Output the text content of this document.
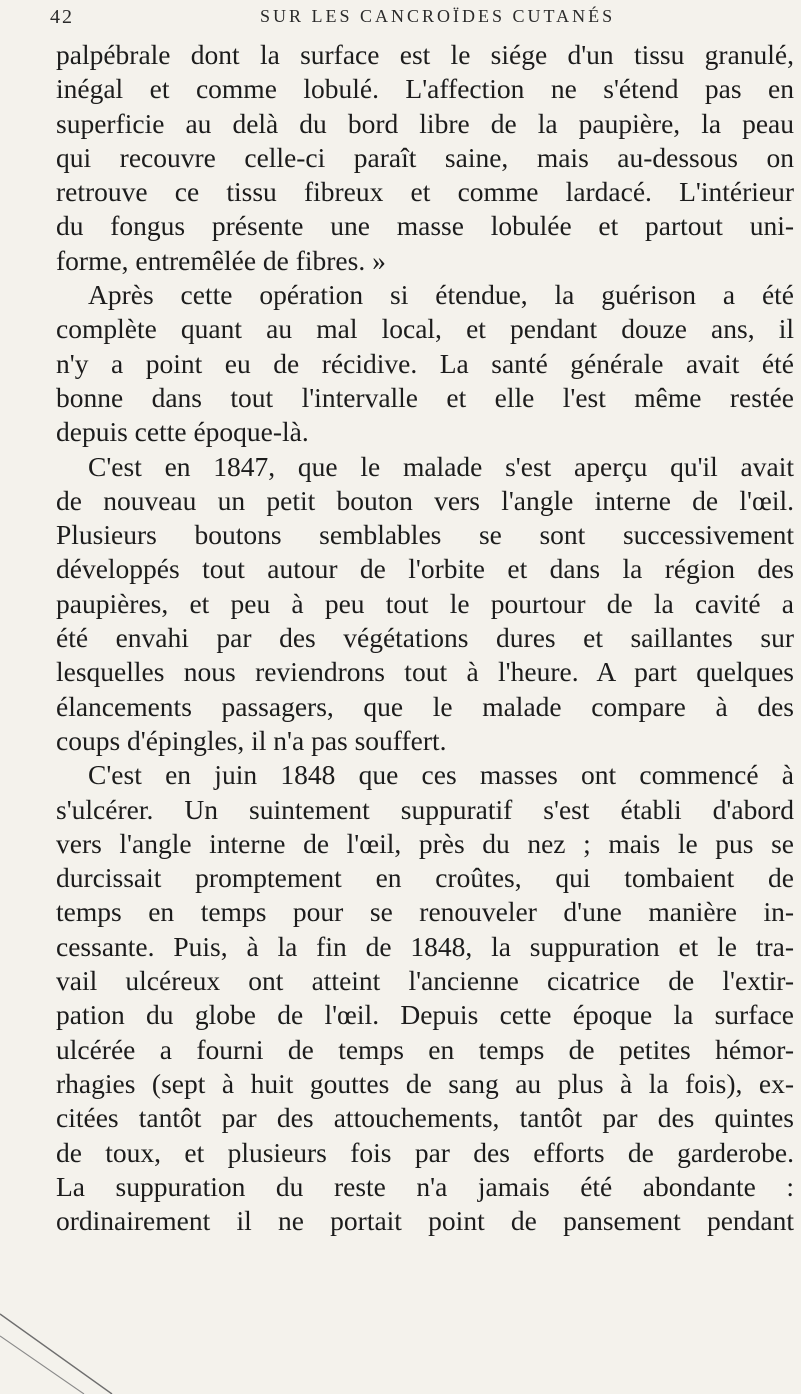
42	SUR LES CANCROÏDES CUTANÉS
palpébrale dont la surface est le siége d'un tissu granulé,
inégal et comme lobulé. L'affection ne s'étend pas en
superficie au delà du bord libre de la paupière, la peau
qui recouvre celle-ci paraît saine, mais au-dessous on
retrouve ce tissu fibreux et comme lardacé. L'intérieur
du fongus présente une masse lobulée et partout uni-
forme, entremêlée de fibres. »
Après cette opération si étendue, la guérison a été
complète quant au mal local, et pendant douze ans, il
n'y a point eu de récidive. La santé générale avait été
bonne dans tout l'intervalle et elle l'est même restée
depuis cette époque-là.
C'est en 1847, que le malade s'est aperçu qu'il avait
de nouveau un petit bouton vers l'angle interne de l'œil.
Plusieurs boutons semblables se sont successivement
développés tout autour de l'orbite et dans la région des
paupières, et peu à peu tout le pourtour de la cavité a
été envahi par des végétations dures et saillantes sur
lesquelles nous reviendrons tout à l'heure. A part quelques
élancements passagers, que le malade compare à des
coups d'épingles, il n'a pas souffert.
C'est en juin 1848 que ces masses ont commencé à
s'ulcérer. Un suintement suppuratif s'est établi d'abord
vers l'angle interne de l'œil, près du nez ; mais le pus se
durcissait promptement en croûtes, qui tombaient de
temps en temps pour se renouveler d'une manière in-
cessante. Puis, à la fin de 1848, la suppuration et le tra-
vail ulcéreux ont atteint l'ancienne cicatrice de l'extir-
pation du globe de l'œil. Depuis cette époque la surface
ulcérée a fourni de temps en temps de petites hémor-
rhagies (sept à huit gouttes de sang au plus à la fois), ex-
citées tantôt par des attouchements, tantôt par des quintes
de toux, et plusieurs fois par des efforts de garderobe.
La suppuration du reste n'a jamais été abondante :
ordinairement il ne portait point de pansement pendant
